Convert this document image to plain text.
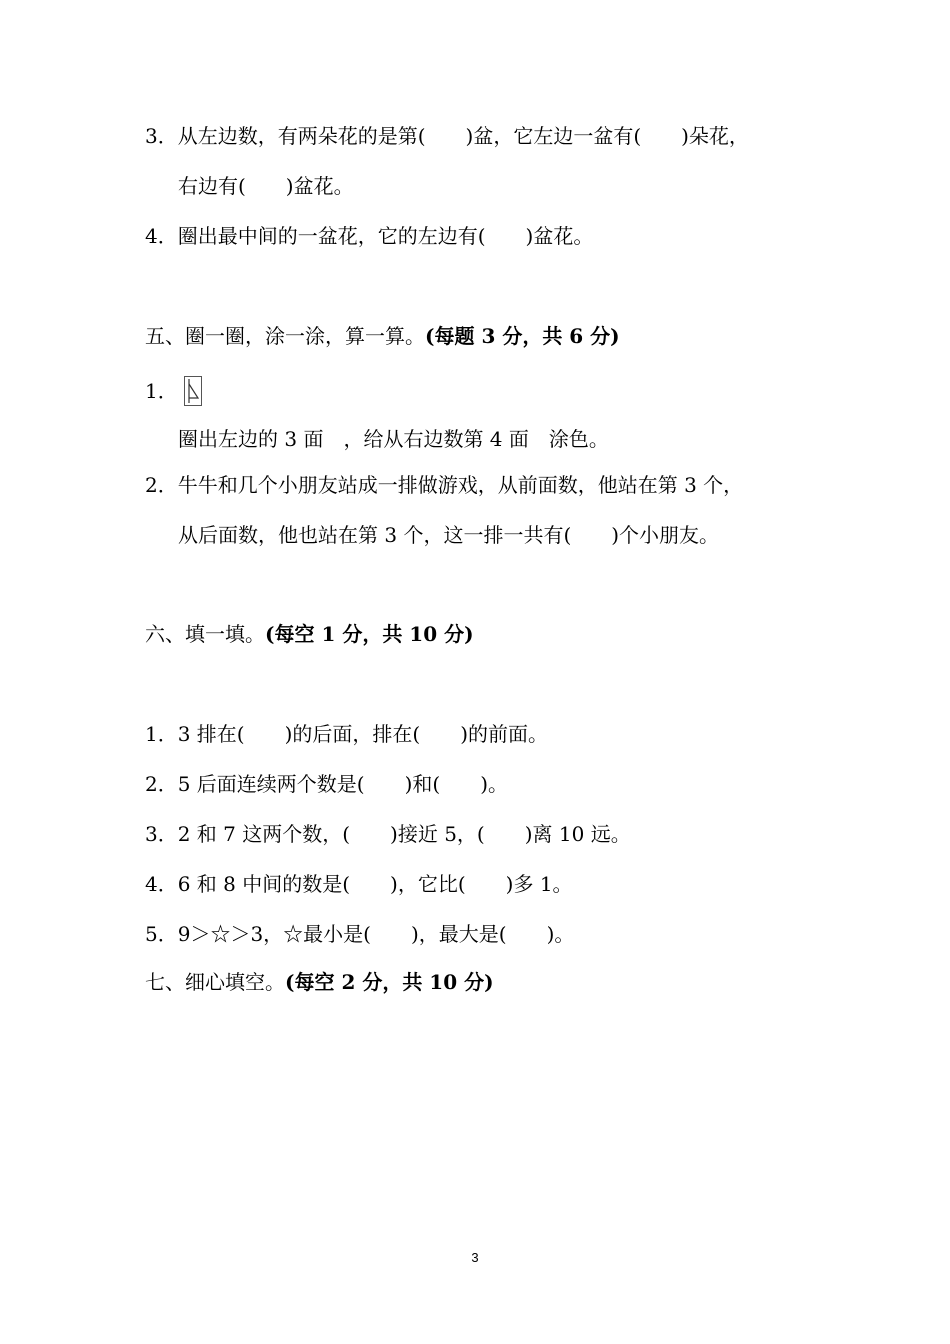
3．从左边数，有两朵花的是第(　　)盆，它左边一盆有(　　)朵花，
右边有(　　)盆花。
4．圈出最中间的一盆花，它的左边有(　　)盆花。
五、圈一圈，涂一涂，算一算。(每题 3 分，共 6 分)
1．
圈出左边的 3 面　，给从右边数第 4 面　涂色。
2．牛牛和几个小朋友站成一排做游戏，从前面数，他站在第 3 个，
从后面数，他也站在第 3 个，这一排一共有(　　)个小朋友。
六、填一填。(每空 1 分，共 10 分)
1．3 排在(　　)的后面，排在(　　)的前面。
2．5 后面连续两个数是(　　)和(　　)。
3．2 和 7 这两个数，(　　)接近 5，(　　)离 10 远。
4．6 和 8 中间的数是(　　)，它比(　　)多 1。
5．9＞☆＞3，☆最小是(　　)，最大是(　　)。
七、细心填空。(每空 2 分，共 10 分)
3
